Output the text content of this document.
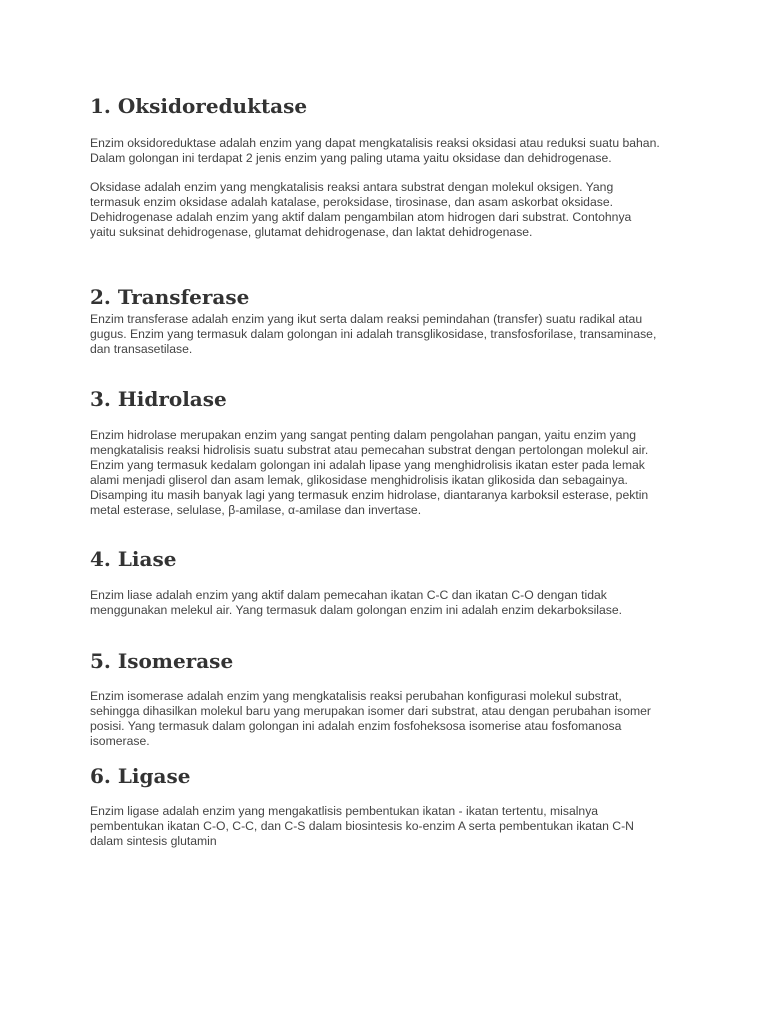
1. Oksidoreduktase

Enzim oksidoreduktase adalah enzim yang dapat mengkatalisis reaksi oksidasi atau reduksi suatu bahan.
Dalam golongan ini terdapat 2 jenis enzim yang paling utama yaitu oksidase dan dehidrogenase.

Oksidase adalah enzim yang mengkatalisis reaksi antara substrat dengan molekul oksigen. Yang
termasuk enzim oksidase adalah katalase, peroksidase, tirosinase, dan asam askorbat oksidase.
Dehidrogenase adalah enzim yang aktif dalam pengambilan atom hidrogen dari substrat. Contohnya
yaitu suksinat dehidrogenase, glutamat dehidrogenase, dan laktat dehidrogenase.

2. Transferase

Enzim transferase adalah enzim yang ikut serta dalam reaksi pemindahan (transfer) suatu radikal atau
gugus. Enzim yang termasuk dalam golongan ini adalah transglikosidase, transfosforilase, transaminase,
dan transasetilase.

3. Hidrolase

Enzim hidrolase merupakan enzim yang sangat penting dalam pengolahan pangan, yaitu enzim yang
mengkatalisis reaksi hidrolisis suatu substrat atau pemecahan substrat dengan pertolongan molekul air.
Enzim yang termasuk kedalam golongan ini adalah lipase yang menghidrolisis ikatan ester pada lemak
alami menjadi gliserol dan asam lemak, glikosidase menghidrolisis ikatan glikosida dan sebagainya.
Disamping itu masih banyak lagi yang termasuk enzim hidrolase, diantaranya karboksil esterase, pektin
metal esterase, selulase, β-amilase, α-amilase dan invertase.

4. Liase

Enzim liase adalah enzim yang aktif dalam pemecahan ikatan C-C dan ikatan C-O dengan tidak
menggunakan melekul air. Yang termasuk dalam golongan enzim ini adalah enzim dekarboksilase.

5. Isomerase

Enzim isomerase adalah enzim yang mengkatalisis reaksi perubahan konfigurasi molekul substrat,
sehingga dihasilkan molekul baru yang merupakan isomer dari substrat, atau dengan perubahan isomer
posisi. Yang termasuk dalam golongan ini adalah enzim fosfoheksosa isomerise atau fosfomanosa
isomerase.

6. Ligase

Enzim ligase adalah enzim yang mengakatlisis pembentukan ikatan - ikatan tertentu, misalnya
pembentukan ikatan C-O, C-C, dan C-S dalam biosintesis ko-enzim A serta pembentukan ikatan C-N
dalam sintesis glutamin
